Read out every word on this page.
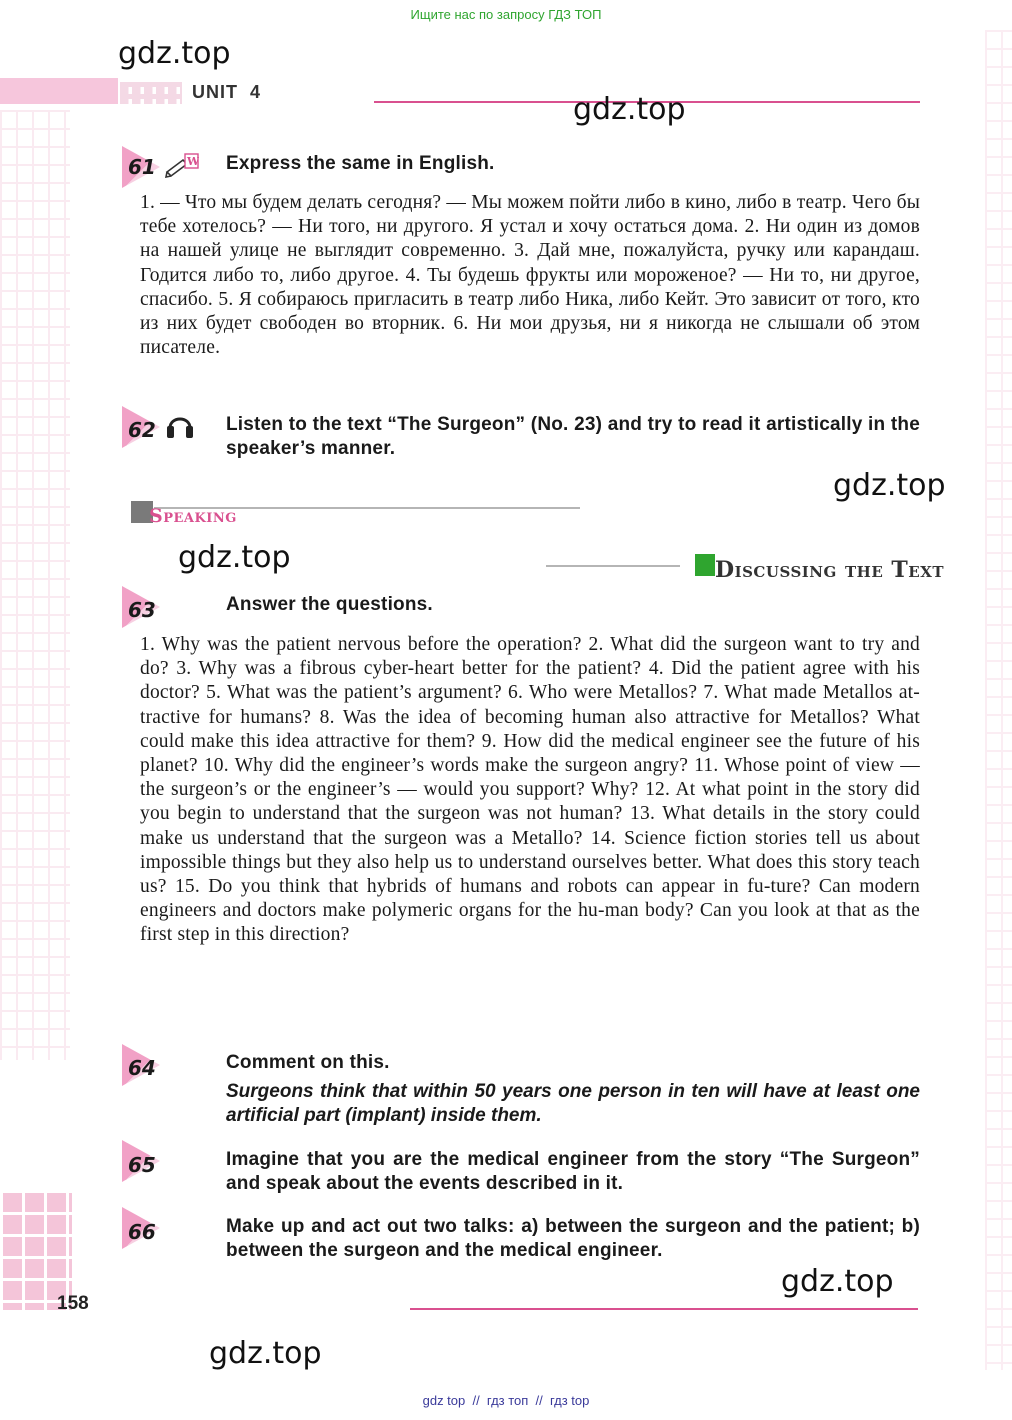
Ищите нас по запросу ГДЗ ТОП
UNIT  4
gdz.top
gdz.top
gdz.top
gdz.top
gdz.top
gdz.top
61	W Express the same in English.
1. — Что мы будем делать сегодня? — Мы можем пойти либо в кино, либо в театр. Чего бы тебе хотелось? — Ни того, ни другого. Я устал и хочу остаться дома. 2. Ни один из домов на нашей улице не выглядит современно. 3. Дай мне, пожалуйста, ручку или карандаш. Годится либо то, либо другое. 4. Ты будешь фрукты или мороженое? — Ни то, ни другое, спасибо. 5. Я собираюсь пригласить в театр либо Ника, либо Кейт. Это зависит от того, кто из них будет свободен во вторник. 6. Ни мои друзья, ни я никогда не слышали об этом писателе.
62	Listen to the text “The Surgeon” (No. 23) and try to read it artistically in the speaker’s manner.
Speaking
Discussing the Text
63	Answer the questions.
1. Why was the patient nervous before the operation? 2. What did the surgeon want to try and do? 3. Why was a fibrous cyber-heart better for the patient? 4. Did the patient agree with his doctor? 5. What was the patient’s argument? 6. Who were Metallos? 7. What made Metallos at-tractive for humans? 8. Was the idea of becoming human also attractive for Metallos? What could make this idea attractive for them? 9. How did the medical engineer see the future of his planet? 10. Why did the engineer’s words make the surgeon angry? 11. Whose point of view — the surgeon’s or the engineer’s — would you support? Why? 12. At what point in the story did you begin to understand that the surgeon was not human? 13. What details in the story could make us understand that the surgeon was a Metallo? 14. Science fiction stories tell us about impossible things but they also help us to understand ourselves better. What does this story teach us? 15. Do you think that hybrids of humans and robots can appear in fu-ture? Can modern engineers and doctors make polymeric organs for the hu-man body? Can you look at that as the first step in this direction?
64	Comment on this.
Surgeons think that within 50 years one person in ten will have at least one artificial part (implant) inside them.
65	Imagine that you are the medical engineer from the story “The Surgeon” and speak about the events described in it.
66	Make up and act out two talks: a) between the surgeon and the patient; b) between the surgeon and the medical engineer.
158
gdz top  //  гдз топ  //  гдз top
